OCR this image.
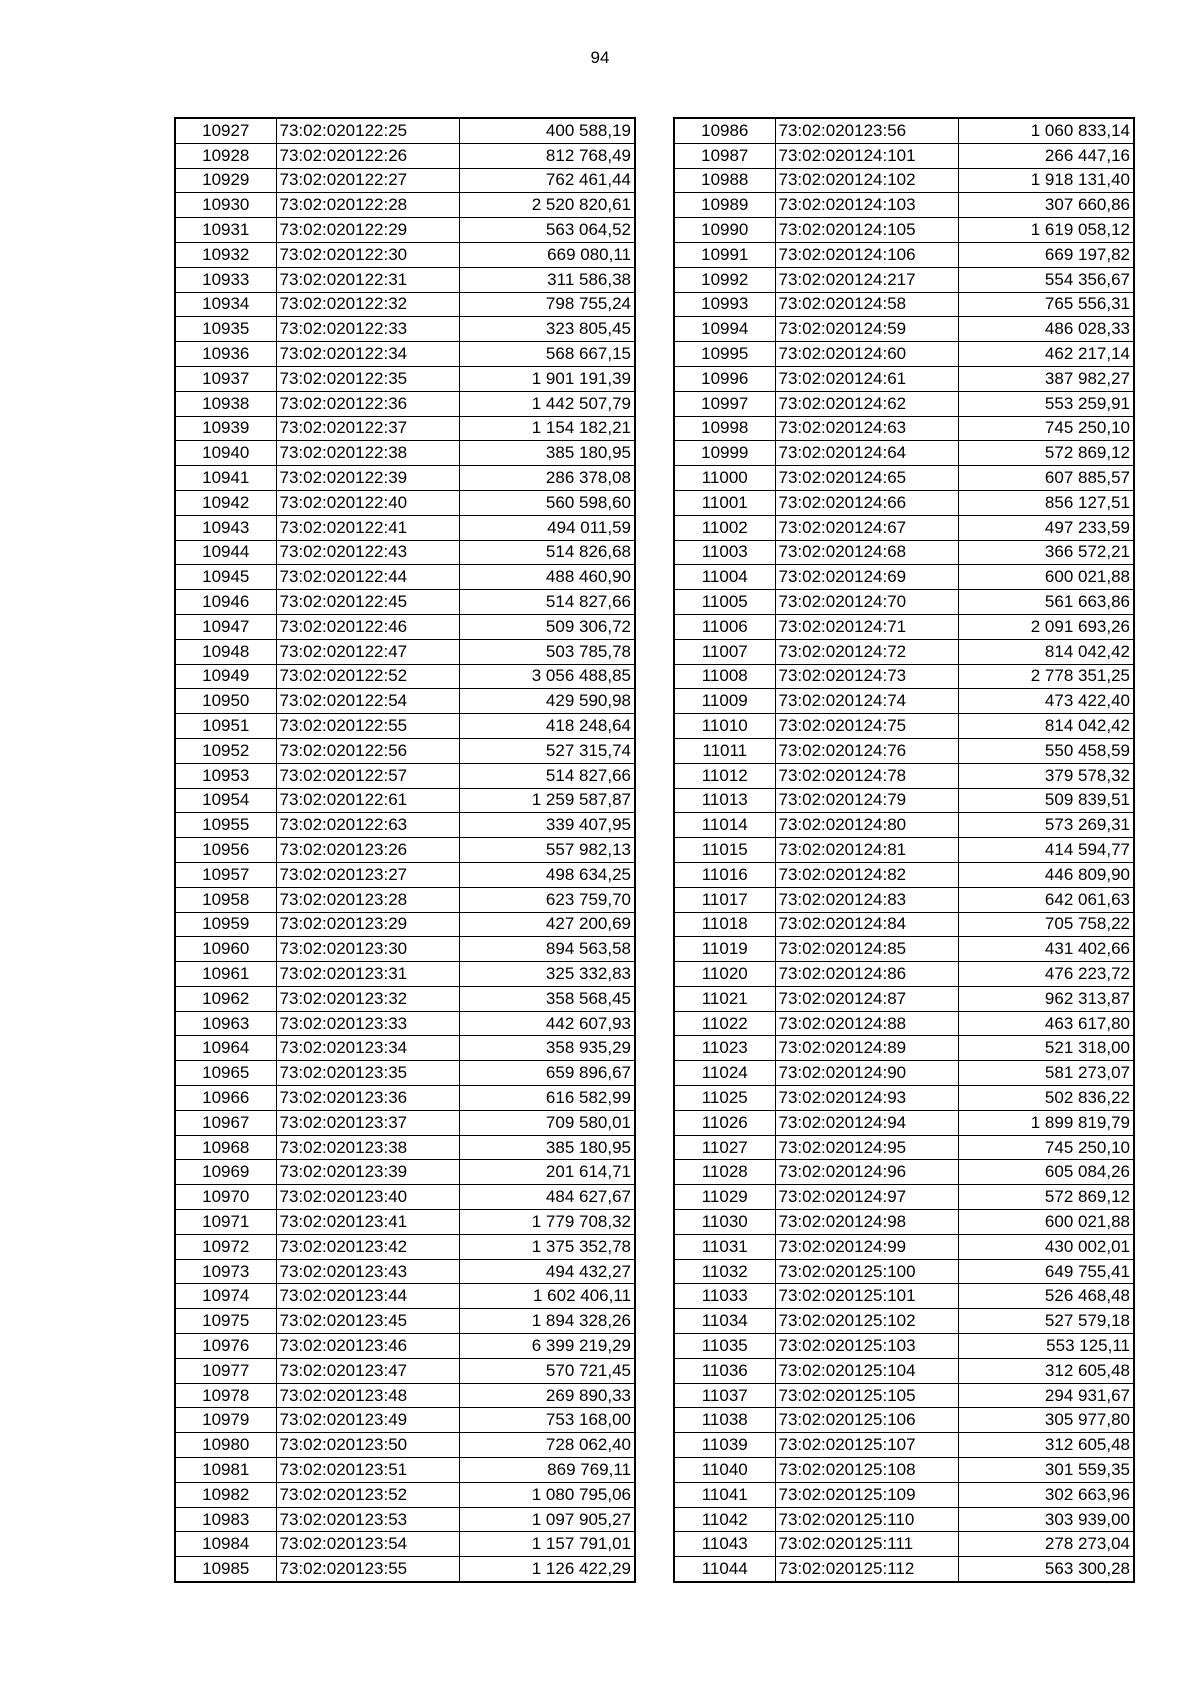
94
10927	73:02:020122:25	400 588,19
10928	73:02:020122:26	812 768,49
10929	73:02:020122:27	762 461,44
10930	73:02:020122:28	2 520 820,61
10931	73:02:020122:29	563 064,52
10932	73:02:020122:30	669 080,11
10933	73:02:020122:31	311 586,38
10934	73:02:020122:32	798 755,24
10935	73:02:020122:33	323 805,45
10936	73:02:020122:34	568 667,15
10937	73:02:020122:35	1 901 191,39
10938	73:02:020122:36	1 442 507,79
10939	73:02:020122:37	1 154 182,21
10940	73:02:020122:38	385 180,95
10941	73:02:020122:39	286 378,08
10942	73:02:020122:40	560 598,60
10943	73:02:020122:41	494 011,59
10944	73:02:020122:43	514 826,68
10945	73:02:020122:44	488 460,90
10946	73:02:020122:45	514 827,66
10947	73:02:020122:46	509 306,72
10948	73:02:020122:47	503 785,78
10949	73:02:020122:52	3 056 488,85
10950	73:02:020122:54	429 590,98
10951	73:02:020122:55	418 248,64
10952	73:02:020122:56	527 315,74
10953	73:02:020122:57	514 827,66
10954	73:02:020122:61	1 259 587,87
10955	73:02:020122:63	339 407,95
10956	73:02:020123:26	557 982,13
10957	73:02:020123:27	498 634,25
10958	73:02:020123:28	623 759,70
10959	73:02:020123:29	427 200,69
10960	73:02:020123:30	894 563,58
10961	73:02:020123:31	325 332,83
10962	73:02:020123:32	358 568,45
10963	73:02:020123:33	442 607,93
10964	73:02:020123:34	358 935,29
10965	73:02:020123:35	659 896,67
10966	73:02:020123:36	616 582,99
10967	73:02:020123:37	709 580,01
10968	73:02:020123:38	385 180,95
10969	73:02:020123:39	201 614,71
10970	73:02:020123:40	484 627,67
10971	73:02:020123:41	1 779 708,32
10972	73:02:020123:42	1 375 352,78
10973	73:02:020123:43	494 432,27
10974	73:02:020123:44	1 602 406,11
10975	73:02:020123:45	1 894 328,26
10976	73:02:020123:46	6 399 219,29
10977	73:02:020123:47	570 721,45
10978	73:02:020123:48	269 890,33
10979	73:02:020123:49	753 168,00
10980	73:02:020123:50	728 062,40
10981	73:02:020123:51	869 769,11
10982	73:02:020123:52	1 080 795,06
10983	73:02:020123:53	1 097 905,27
10984	73:02:020123:54	1 157 791,01
10985	73:02:020123:55	1 126 422,29
10986	73:02:020123:56	1 060 833,14
10987	73:02:020124:101	266 447,16
10988	73:02:020124:102	1 918 131,40
10989	73:02:020124:103	307 660,86
10990	73:02:020124:105	1 619 058,12
10991	73:02:020124:106	669 197,82
10992	73:02:020124:217	554 356,67
10993	73:02:020124:58	765 556,31
10994	73:02:020124:59	486 028,33
10995	73:02:020124:60	462 217,14
10996	73:02:020124:61	387 982,27
10997	73:02:020124:62	553 259,91
10998	73:02:020124:63	745 250,10
10999	73:02:020124:64	572 869,12
11000	73:02:020124:65	607 885,57
11001	73:02:020124:66	856 127,51
11002	73:02:020124:67	497 233,59
11003	73:02:020124:68	366 572,21
11004	73:02:020124:69	600 021,88
11005	73:02:020124:70	561 663,86
11006	73:02:020124:71	2 091 693,26
11007	73:02:020124:72	814 042,42
11008	73:02:020124:73	2 778 351,25
11009	73:02:020124:74	473 422,40
11010	73:02:020124:75	814 042,42
11011	73:02:020124:76	550 458,59
11012	73:02:020124:78	379 578,32
11013	73:02:020124:79	509 839,51
11014	73:02:020124:80	573 269,31
11015	73:02:020124:81	414 594,77
11016	73:02:020124:82	446 809,90
11017	73:02:020124:83	642 061,63
11018	73:02:020124:84	705 758,22
11019	73:02:020124:85	431 402,66
11020	73:02:020124:86	476 223,72
11021	73:02:020124:87	962 313,87
11022	73:02:020124:88	463 617,80
11023	73:02:020124:89	521 318,00
11024	73:02:020124:90	581 273,07
11025	73:02:020124:93	502 836,22
11026	73:02:020124:94	1 899 819,79
11027	73:02:020124:95	745 250,10
11028	73:02:020124:96	605 084,26
11029	73:02:020124:97	572 869,12
11030	73:02:020124:98	600 021,88
11031	73:02:020124:99	430 002,01
11032	73:02:020125:100	649 755,41
11033	73:02:020125:101	526 468,48
11034	73:02:020125:102	527 579,18
11035	73:02:020125:103	553 125,11
11036	73:02:020125:104	312 605,48
11037	73:02:020125:105	294 931,67
11038	73:02:020125:106	305 977,80
11039	73:02:020125:107	312 605,48
11040	73:02:020125:108	301 559,35
11041	73:02:020125:109	302 663,96
11042	73:02:020125:110	303 939,00
11043	73:02:020125:111	278 273,04
11044	73:02:020125:112	563 300,28
